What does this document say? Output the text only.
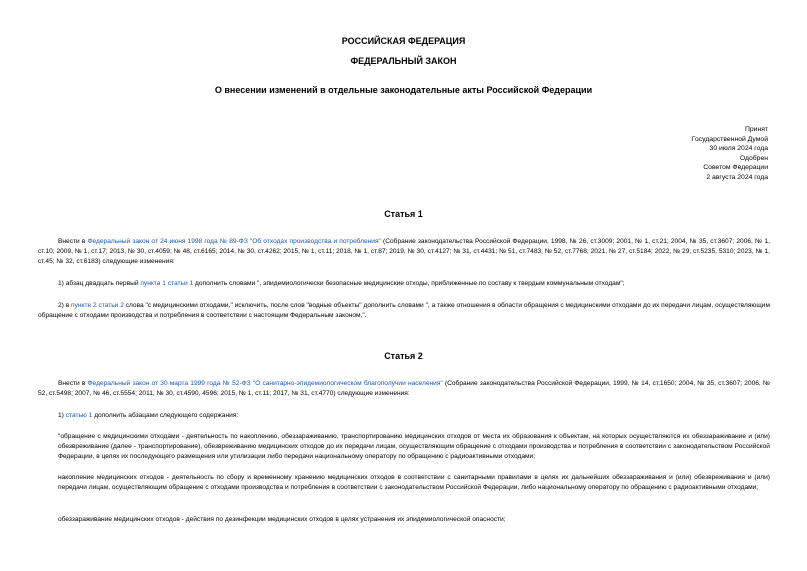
РОССИЙСКАЯ ФЕДЕРАЦИЯ
ФЕДЕРАЛЬНЫЙ ЗАКОН
О внесении изменений в отдельные законодательные акты Российской Федерации
Принят
Государственной Думой
30 июля 2024 года
Одобрен
Советом Федерации
2 августа 2024 года
Статья 1
Внести в Федеральный закон от 24 июня 1998 года № 89-ФЗ "Об отходах производства и потребления" (Собрание законодательства Российской Федерации, 1998, № 26, ст.3009; 2001, № 1, ст.21; 2004, № 35, ст.3607; 2006, № 1, ст.10; 2009, № 1, ст.17; 2013, № 30, ст.4059; № 48, ст.6165; 2014, № 30, ст.4262; 2015, № 1, ст.11; 2018, № 1, ст.87; 2019, № 30, ст.4127; № 31, ст.4431; № 51, ст.7483; № 52, ст.7768; 2021, № 27, ст.5184; 2022, № 29, ст.5235, 5310; 2023, № 1, ст.45; № 32, ст.6183) следующие изменения:
1) абзац двадцать первый пункта 1 статьи 1 дополнить словами ", эпидемиологически безопасные медицинские отходы, приближенные по составу к твердым коммунальным отходам";
2) в пункте 2 статьи 2 слова "с медицинскими отходами," исключить, после слов "водные объекты" дополнить словами ", а также отношения в области обращения с медицинскими отходами до их передачи лицам, осуществляющим обращение с отходами производства и потребления в соответствии с настоящим Федеральным законом,".
Статья 2
Внести в Федеральный закон от 30 марта 1999 года № 52-ФЗ "О санитарно-эпидемиологическом благополучии населения" (Собрание законодательства Российской Федерации, 1999, № 14, ст.1650; 2004, № 35, ст.3607; 2006, № 52, ст.5498; 2007, № 46, ст.5554; 2011, № 30, ст.4590, 4596; 2015, № 1, ст.11; 2017, № 31, ст.4770) следующие изменения:
1) статью 1 дополнить абзацами следующего содержания:
"обращение с медицинскими отходами - деятельность по накоплению, обеззараживанию, транспортированию медицинских отходов от места их образования к объектам, на которых осуществляются их обеззараживание и (или) обезвреживание (далее - транспортирование), обезвреживанию медицинских отходов до их передачи лицам, осуществляющим обращение с отходами производства и потребления в соответствии с законодательством Российской Федерации, в целях их последующего размещения или утилизации либо передачи национальному оператору по обращению с радиоактивными отходами;
накопление медицинских отходов - деятельность по сбору и временному хранению медицинских отходов в соответствии с санитарными правилами в целях их дальнейших обеззараживания и (или) обезвреживания и (или) передачи лицам, осуществляющим обращение с отходами производства и потребления в соответствии с законодательством Российской Федерации, либо национальному оператору по обращению с радиоактивными отходами;
обеззараживание медицинских отходов - действия по дезинфекции медицинских отходов в целях устранения их эпидемиологической опасности;
